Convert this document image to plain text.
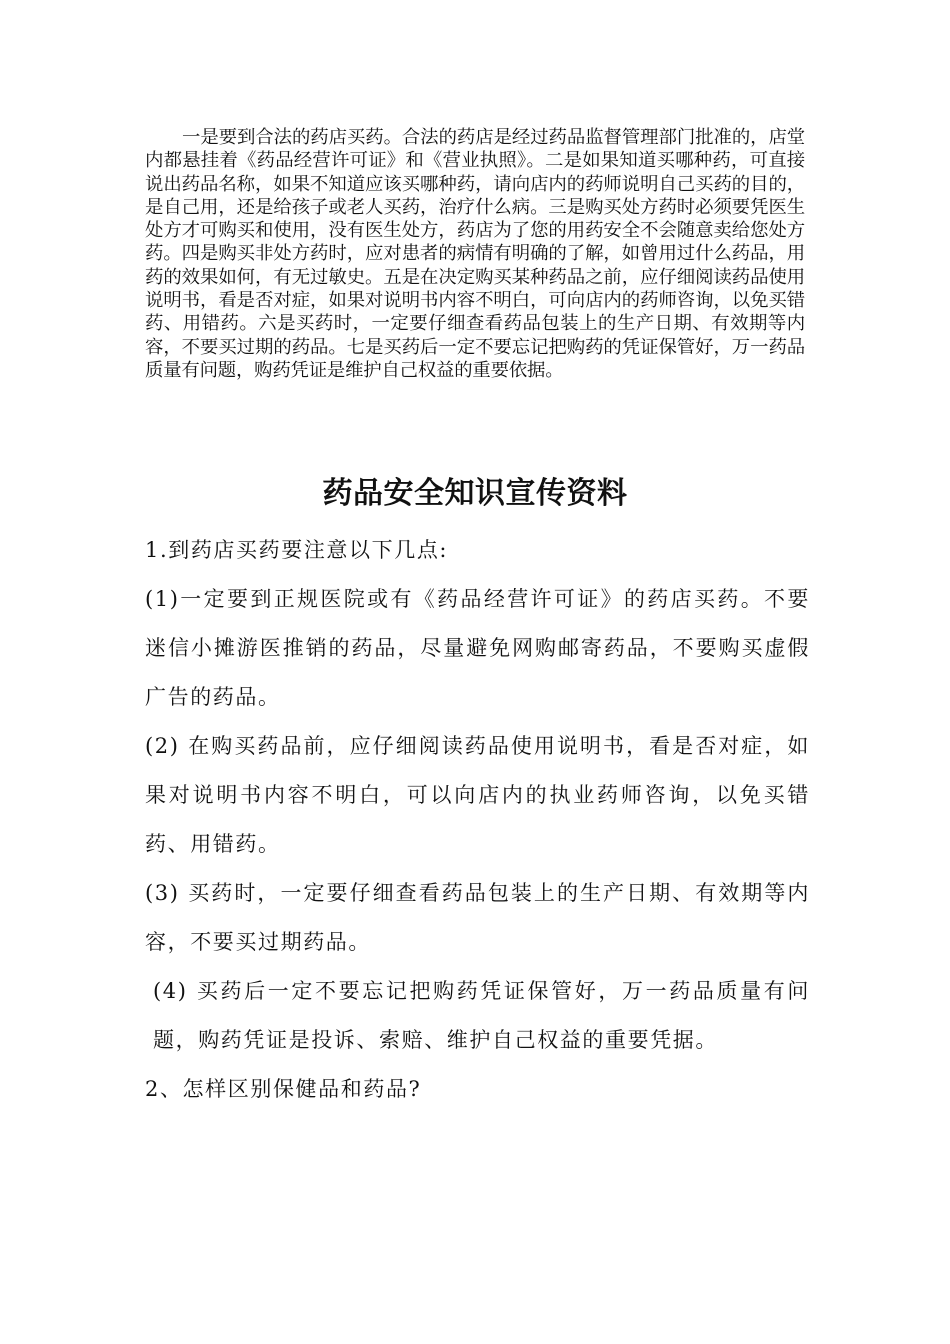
一是要到合法的药店买药。合法的药店是经过药品监督管理部门批准的，店堂内都悬挂着《药品经营许可证》和《营业执照》。二是如果知道买哪种药，可直接说出药品名称，如果不知道应该买哪种药，请向店内的药师说明自己买药的目的，是自己用，还是给孩子或老人买药，治疗什么病。三是购买处方药时必须要凭医生处方才可购买和使用，没有医生处方，药店为了您的用药安全不会随意卖给您处方药。四是购买非处方药时，应对患者的病情有明确的了解，如曾用过什么药品，用药的效果如何，有无过敏史。五是在决定购买某种药品之前，应仔细阅读药品使用说明书，看是否对症，如果对说明书内容不明白，可向店内的药师咨询，以免买错药、用错药。六是买药时，一定要仔细查看药品包装上的生产日期、有效期等内容，不要买过期的药品。七是买药后一定不要忘记把购药的凭证保管好，万一药品质量有问题，购药凭证是维护自己权益的重要依据。

药品安全知识宣传资料

1.到药店买药要注意以下几点:

(1)一定要到正规医院或有《药品经营许可证》的药店买药。不要迷信小摊游医推销的药品，尽量避免网购邮寄药品，不要购买虚假广告的药品。

(2) 在购买药品前，应仔细阅读药品使用说明书，看是否对症，如果对说明书内容不明白，可以向店内的执业药师咨询，以免买错药、用错药。

(3) 买药时，一定要仔细查看药品包装上的生产日期、有效期等内容，不要买过期药品。

(4) 买药后一定不要忘记把购药凭证保管好，万一药品质量有问题，购药凭证是投诉、索赔、维护自己权益的重要凭据。

2、怎样区别保健品和药品?
